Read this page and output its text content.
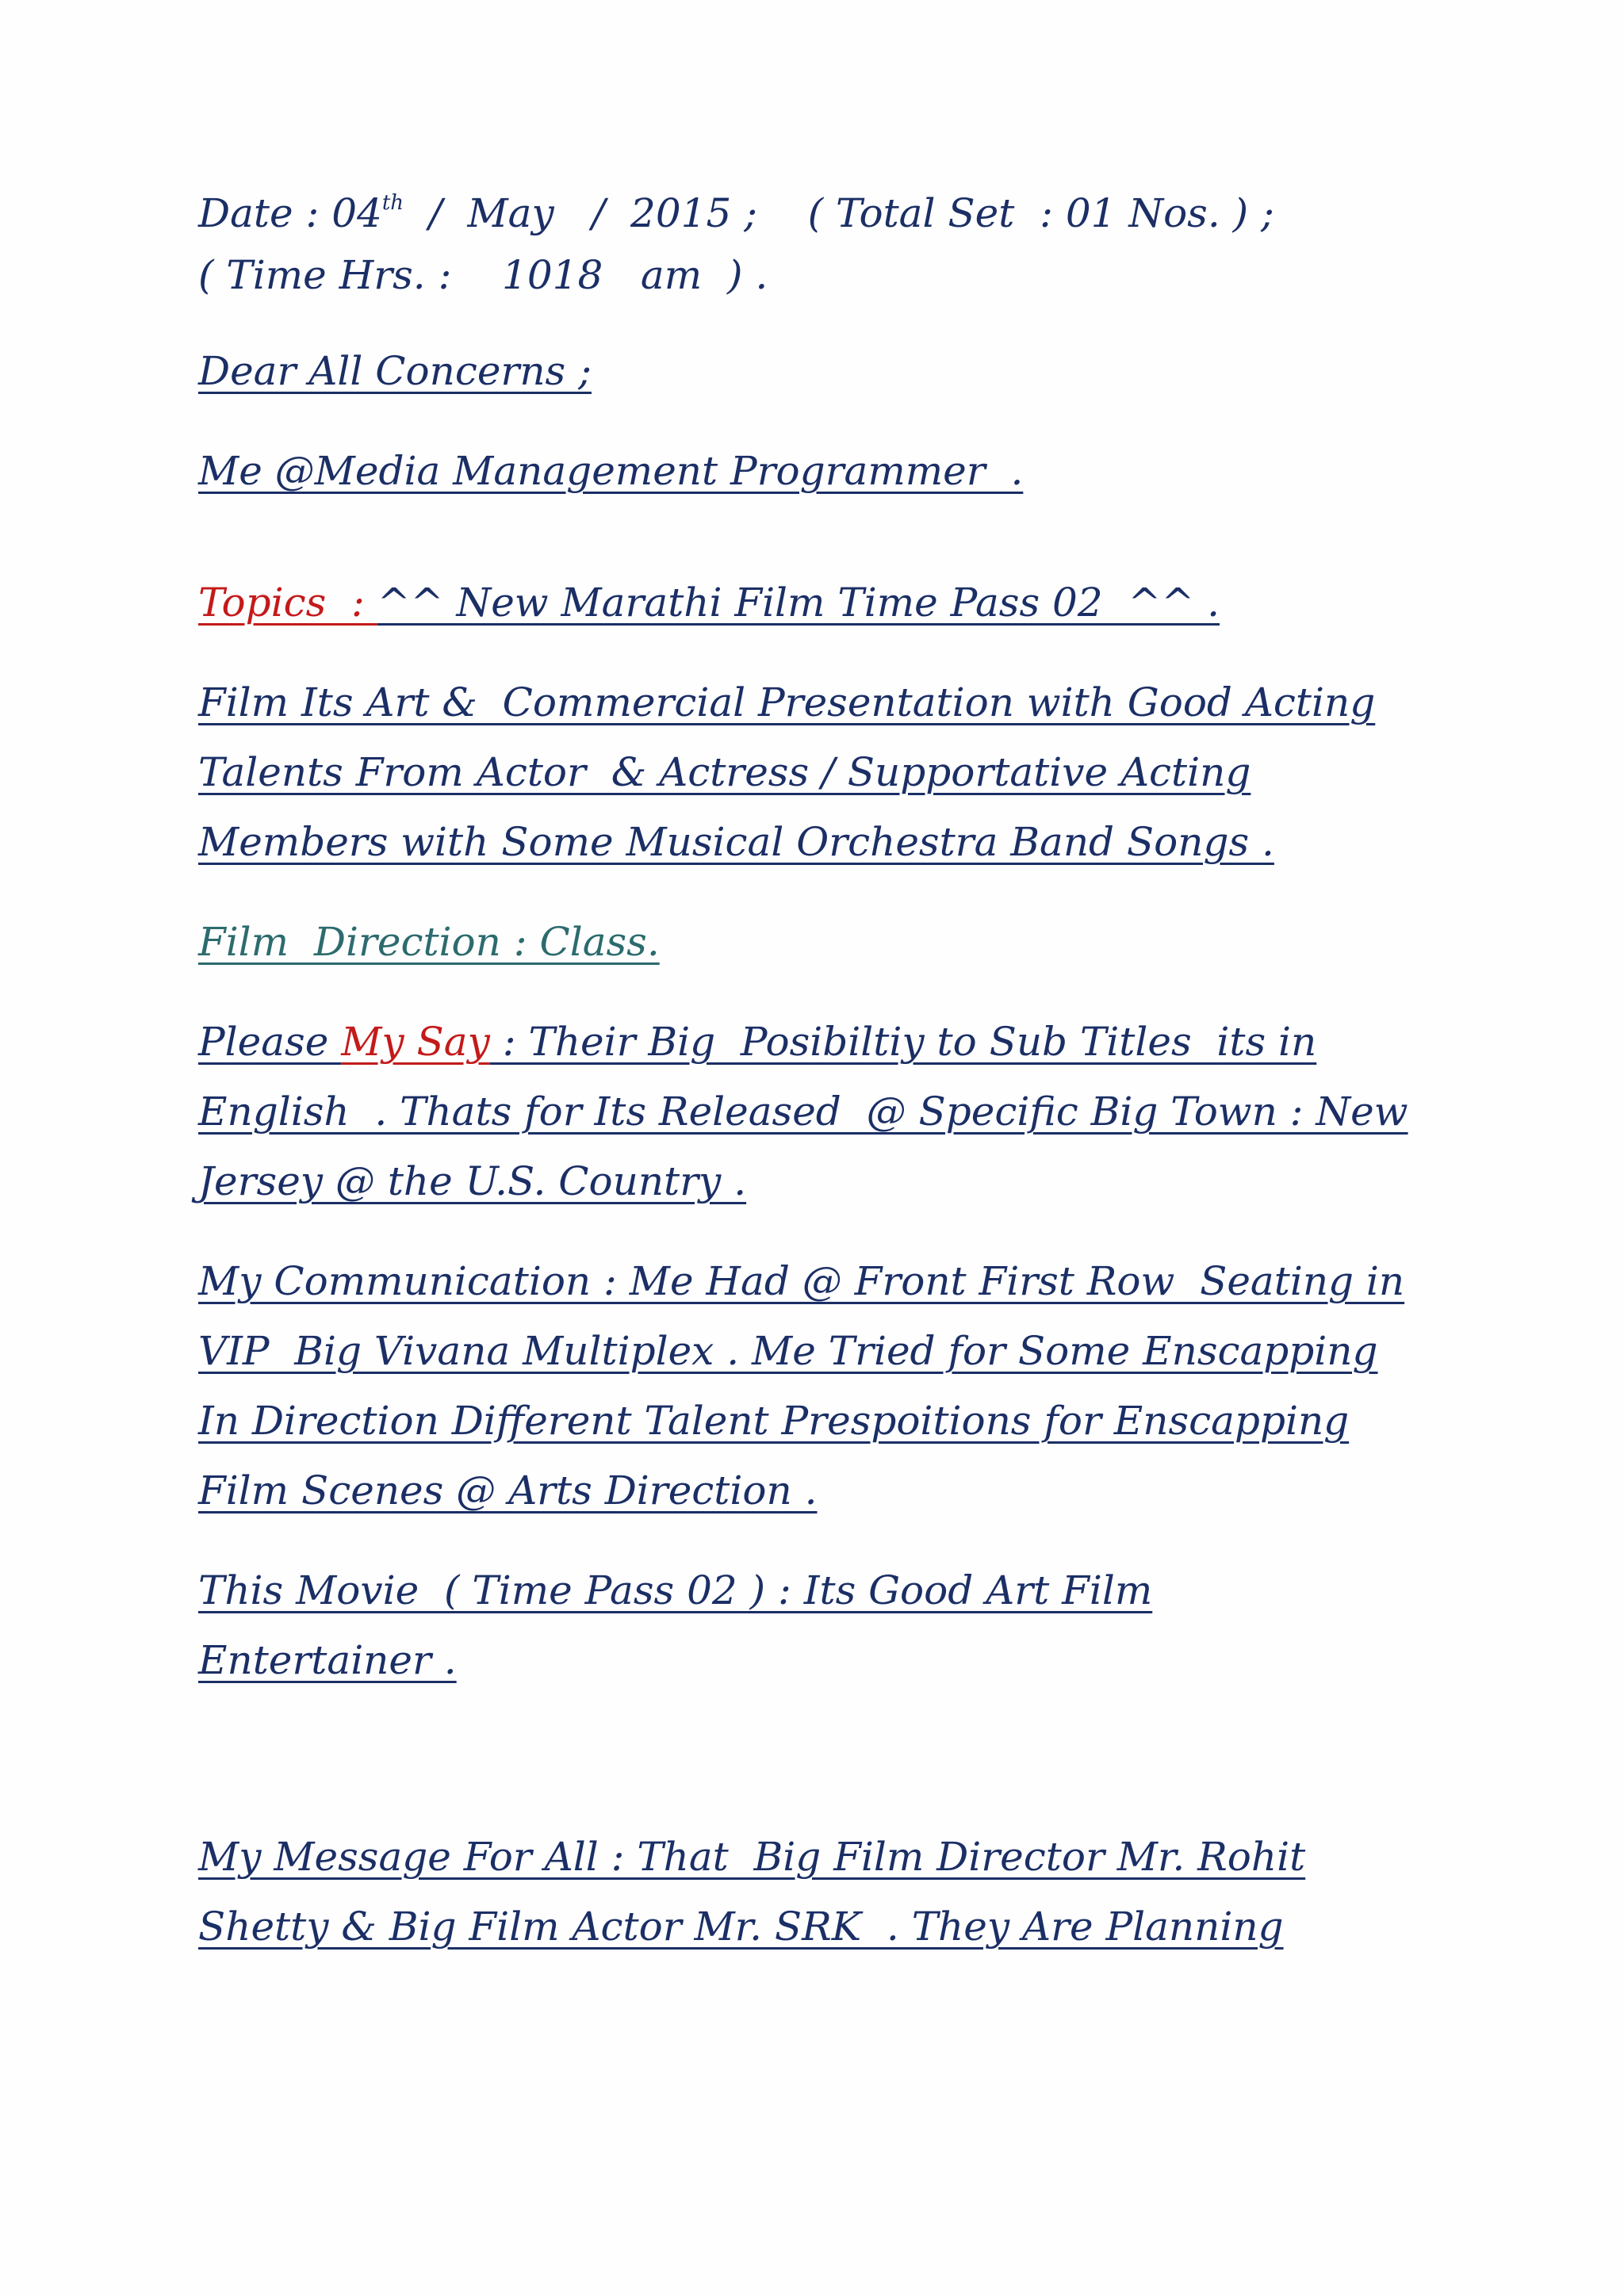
Date : 04th  /  May   /  2015 ;    ( Total Set  : 01 Nos. ) ;
( Time Hrs. :    1018   am  ) .
Dear All Concerns ;
Me @Media Management Programmer  .
Topics  : ^^ New Marathi Film Time Pass 02  ^^ .
Film Its Art &  Commercial Presentation with Good Acting
Talents From Actor  & Actress / Supportative Acting
Members with Some Musical Orchestra Band Songs .
Film  Direction : Class.
Please My Say : Their Big  Posibiltiy to Sub Titles  its in
English  . Thats for Its Released  @ Specific Big Town : New
Jersey @ the U.S. Country .
My Communication : Me Had @ Front First Row  Seating in
VIP  Big Vivana Multiplex . Me Tried for Some Enscapping
In Direction Different Talent Prespoitions for Enscapping
Film Scenes @ Arts Direction .
This Movie  ( Time Pass 02 ) : Its Good Art Film
Entertainer .
My Message For All : That  Big Film Director Mr. Rohit
Shetty & Big Film Actor Mr. SRK  . They Are Planning
